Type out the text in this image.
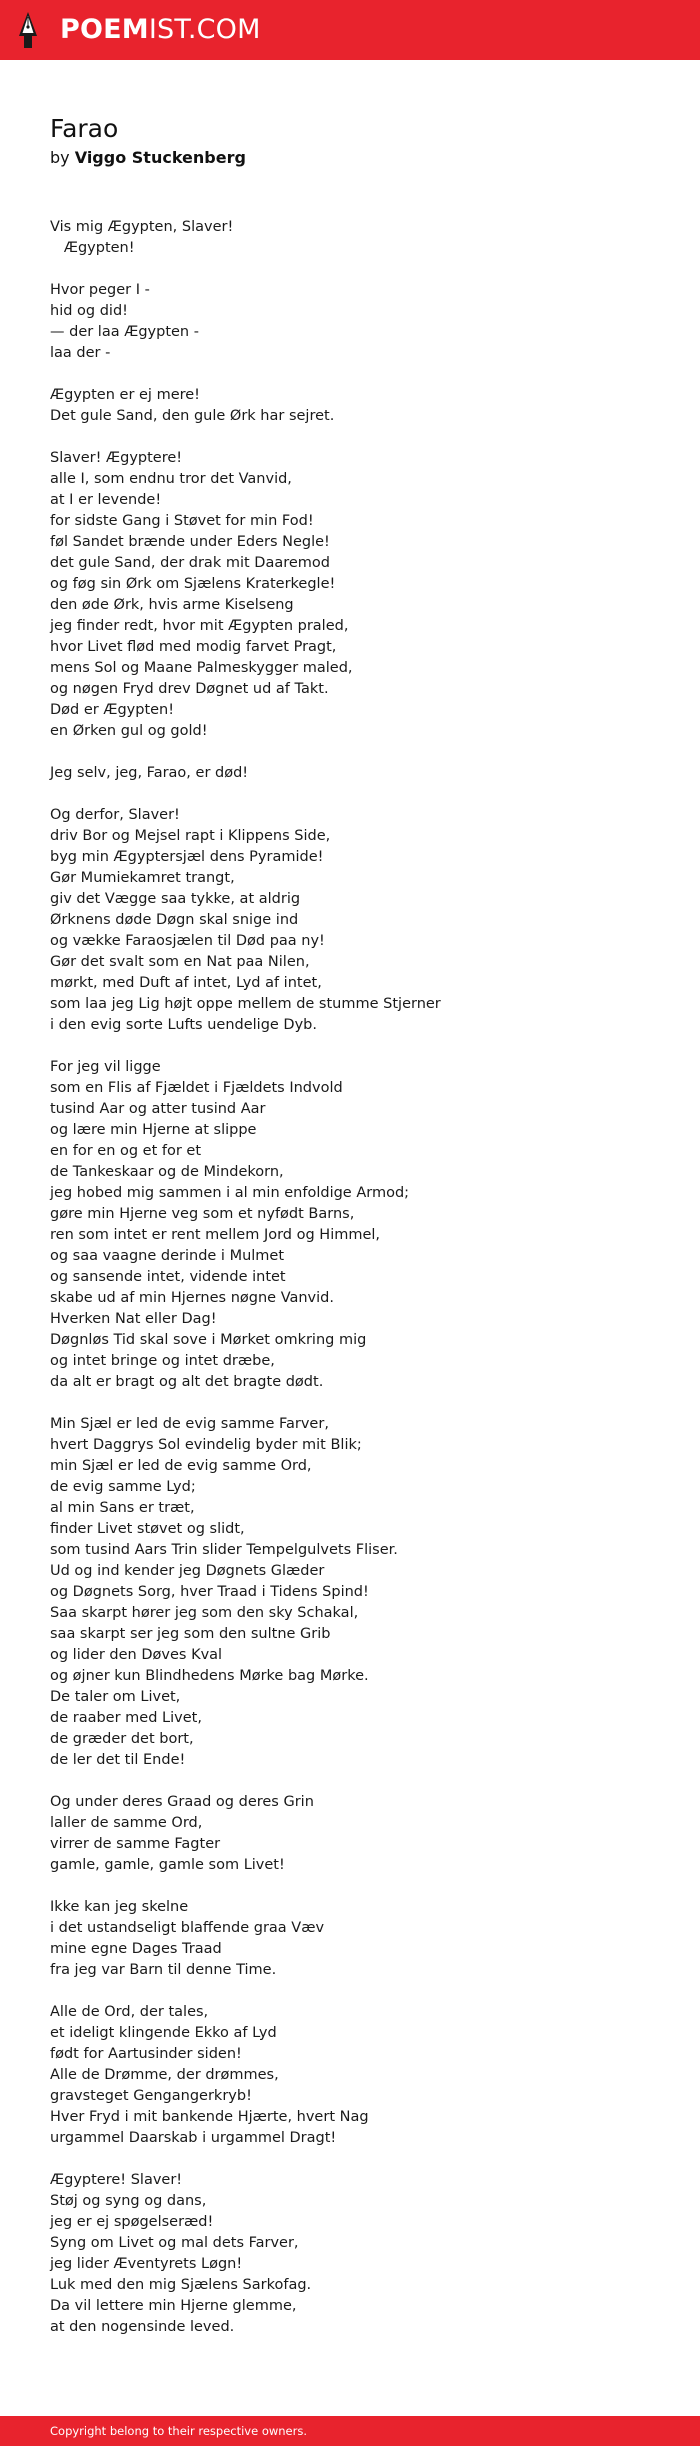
POEMIST.COM
Farao
by Viggo Stuckenberg
Vis mig Ægypten, Slaver!
Ægypten!
Hvor peger I -
hid og did!
— der laa Ægypten -
laa der -
Ægypten er ej mere!
Det gule Sand, den gule Ørk har sejret.
Slaver! Ægyptere!
alle I, som endnu tror det Vanvid,
at I er levende!
for sidste Gang i Støvet for min Fod!
føl Sandet brænde under Eders Negle!
det gule Sand, der drak mit Daaremod
og føg sin Ørk om Sjælens Kraterkegle!
den øde Ørk, hvis arme Kiselseng
jeg finder redt, hvor mit Ægypten praled,
hvor Livet flød med modig farvet Pragt,
mens Sol og Maane Palmeskygger maled,
og nøgen Fryd drev Døgnet ud af Takt.
Død er Ægypten!
en Ørken gul og gold!
Jeg selv, jeg, Farao, er død!
Og derfor, Slaver!
driv Bor og Mejsel rapt i Klippens Side,
byg min Ægyptersjæl dens Pyramide!
Gør Mumiekamret trangt,
giv det Vægge saa tykke, at aldrig
Ørknens døde Døgn skal snige ind
og vække Faraosjælen til Død paa ny!
Gør det svalt som en Nat paa Nilen,
mørkt, med Duft af intet, Lyd af intet,
som laa jeg Lig højt oppe mellem de stumme Stjerner
i den evig sorte Lufts uendelige Dyb.
For jeg vil ligge
som en Flis af Fjældet i Fjældets Indvold
tusind Aar og atter tusind Aar
og lære min Hjerne at slippe
en for en og et for et
de Tankeskaar og de Mindekorn,
jeg hobed mig sammen i al min enfoldige Armod;
gøre min Hjerne veg som et nyfødt Barns,
ren som intet er rent mellem Jord og Himmel,
og saa vaagne derinde i Mulmet
og sansende intet, vidende intet
skabe ud af min Hjernes nøgne Vanvid.
Hverken Nat eller Dag!
Døgnløs Tid skal sove i Mørket omkring mig
og intet bringe og intet dræbe,
da alt er bragt og alt det bragte dødt.
Min Sjæl er led de evig samme Farver,
hvert Daggrys Sol evindelig byder mit Blik;
min Sjæl er led de evig samme Ord,
de evig samme Lyd;
al min Sans er træt,
finder Livet støvet og slidt,
som tusind Aars Trin slider Tempelgulvets Fliser.
Ud og ind kender jeg Døgnets Glæder
og Døgnets Sorg, hver Traad i Tidens Spind!
Saa skarpt hører jeg som den sky Schakal,
saa skarpt ser jeg som den sultne Grib
og lider den Døves Kval
og øjner kun Blindhedens Mørke bag Mørke.
De taler om Livet,
de raaber med Livet,
de græder det bort,
de ler det til Ende!
Og under deres Graad og deres Grin
laller de samme Ord,
virrer de samme Fagter
gamle, gamle, gamle som Livet!
Ikke kan jeg skelne
i det ustandseligt blaffende graa Væv
mine egne Dages Traad
fra jeg var Barn til denne Time.
Alle de Ord, der tales,
et ideligt klingende Ekko af Lyd
født for Aartusinder siden!
Alle de Drømme, der drømmes,
gravsteget Gengangerkryb!
Hver Fryd i mit bankende Hjærte, hvert Nag
urgammel Daarskab i urgammel Dragt!
Ægyptere! Slaver!
Støj og syng og dans,
jeg er ej spøgelseræd!
Syng om Livet og mal dets Farver,
jeg lider Æventyrets Løgn!
Luk med den mig Sjælens Sarkofag.
Da vil lettere min Hjerne glemme,
at den nogensinde leved.
Copyright belong to their respective owners.
